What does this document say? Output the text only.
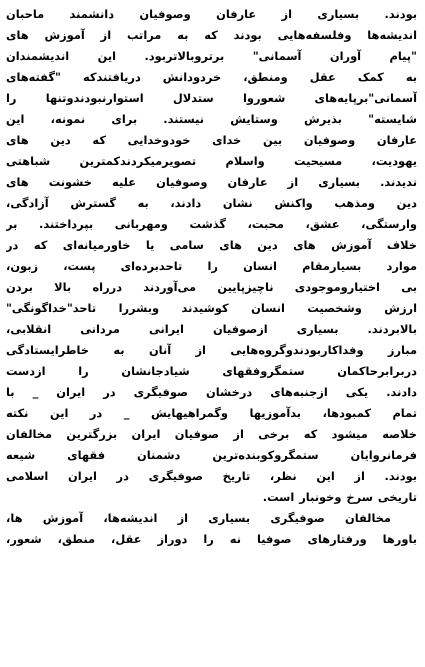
بودند. بسیاری از عارفان وصوفیان دانشمند ماحبان
اندیشه‌ها وفلسفه‌هایی بودند که به مراتب از آموزش های
"پیام آوران آسمانی" برتروبالاتربود. این اندیشمندان
به کمک عقل ومنطق، خردودانش دریافتندکه "گفته‌های
آسمانی"برپایه‌های شعوروا ستدلال استوارنبودندوتنها را
شایسته" بذیرش وستایش نیستند. برای نمونه، این
عارفان وصوفیان بین خدای خودوخدایی که دین های
یهودیت، مسیحیت واسلام تصویرمیکردندکمترین شباهتی
ندیدند. بسیاری از عارفان وصوفیان علیه خشونت های
دین ومذهب واکنش نشان دادند، به گسترش آزادگی،
وارستگی، عشق، محبت، گذشت ومهربانی بپرداختند. بر
خلاف آموزش های دین های سامی یا خاورمیانه‌ای که در
موارد بسیارمقام انسان را تاحدبرده‌ای پست، زبون،
بی اختیاروموجودی ناچیزپایین می‌آوردند درراه بالا بردن
ارزش وشخصیت انسان کوشیدند وبشررا تاحد"خداگونگی"
بالابردند. بسیاری ازصوفیان ایرانی مردانی انقلابی،
مبارز وفداکاربودندوگروه‌هایی از آنان به خاطرایستادگی
دربرابرحاکمان ستمگروفقهای شیادجانشان را ازدست
دادند. یکی ازجنبه‌های درخشان صوفیگری در ایران _ با
تمام کمبودها، بدآموزیها وگمراهیهایش _ در این نکته
خلاصه میشود که برخی از صوفیان ایران بزرگترین مخالفان
فرمانروایان ستمگروکوبنده‌ترین دشمنان فقهای شیعه
بودند. از این نظر، تاریخ صوفیگری در ایران اسلامی
تاریخی سرخ وخونبار است.
مخالفان صوفیگری بسیاری از اندیشه‌ها، آموزش ها،
باورها ورفتارهای صوفیا نه را دوراز عقل، منطق، شعور،
